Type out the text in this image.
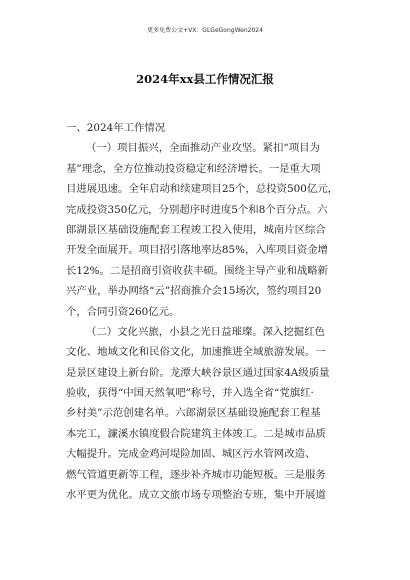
更多免费公文+VX：GLGeGongWen2024
2024年xx县工作情况汇报
一、2024年工作情况
（一）项目振兴，全面推动产业攻坚。紧扣“项目为
基”理念，全方位推动投资稳定和经济增长。一是重大项
目进展迅速。全年启动和续建项目25个，总投资500亿元，
完成投资350亿元，分别超序时进度5个和8个百分点。六
郎湖景区基础设施配套工程竣工投入使用，城南片区综合
开发全面展开。项目招引落地率达85%，入库项目资金增
长12%。二是招商引资收获丰硕。围绕主导产业和战略新
兴产业，举办网络“云”招商推介会15场次，签约项目20
个，合同引资260亿元。
（二）文化兴旅，小县之光日益璀璨。深入挖掘红色
文化、地域文化和民俗文化，加速推进全域旅游发展。一
是景区建设上新台阶。龙潭大峡谷景区通过国家4A级质量
验收，获得“中国天然氧吧”称号，并入选全省“党旗红·
乡村美”示范创建名单。六郎湖景区基础设施配套工程基
本完工，濂溪水镇度假合院建筑主体竣工。二是城市品质
大幅提升。完成金鸡河堤险加固、城区污水管网改造、
燃气管道更新等工程，逐步补齐城市功能短板。三是服务
水平更为优化。成立文旅市场专项整治专班，集中开展道
